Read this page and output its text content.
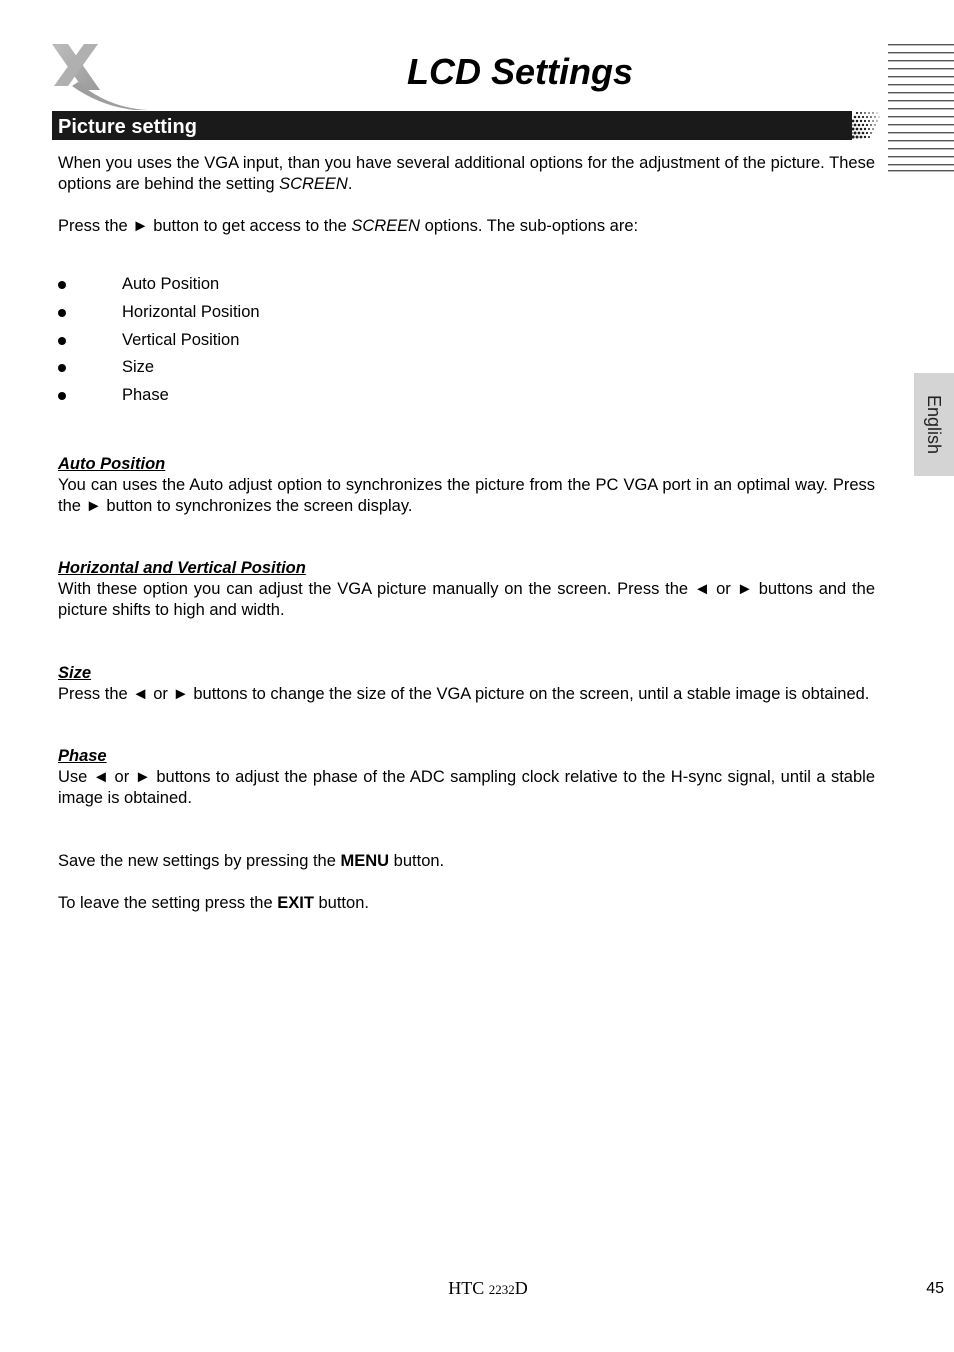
LCD Settings
Picture setting
English

When you uses the VGA input, than you have several additional options for the adjustment of the picture. These options are behind the setting SCREEN.

Press the ► button to get access to the SCREEN options. The sub-options are:

Auto Position
Horizontal Position
Vertical Position
Size
Phase

Auto Position

You can uses the Auto adjust option to synchronizes the picture from the PC VGA port in an optimal way. Press the ► button to synchronizes the screen display.

Horizontal and Vertical Position

With these option you can adjust the VGA picture manually on the screen. Press the ◄ or ► buttons and the picture shifts to high and width.

Size

Press the ◄ or ► buttons to change the size of the VGA picture on the screen, until a stable image is obtained.

Phase

Use ◄ or ► buttons to adjust the phase of the ADC sampling clock relative to the H-sync signal, until a stable image is obtained.

Save the new settings by pressing the MENU button.

To leave the setting press the EXIT button.

HTC 2232D	45
